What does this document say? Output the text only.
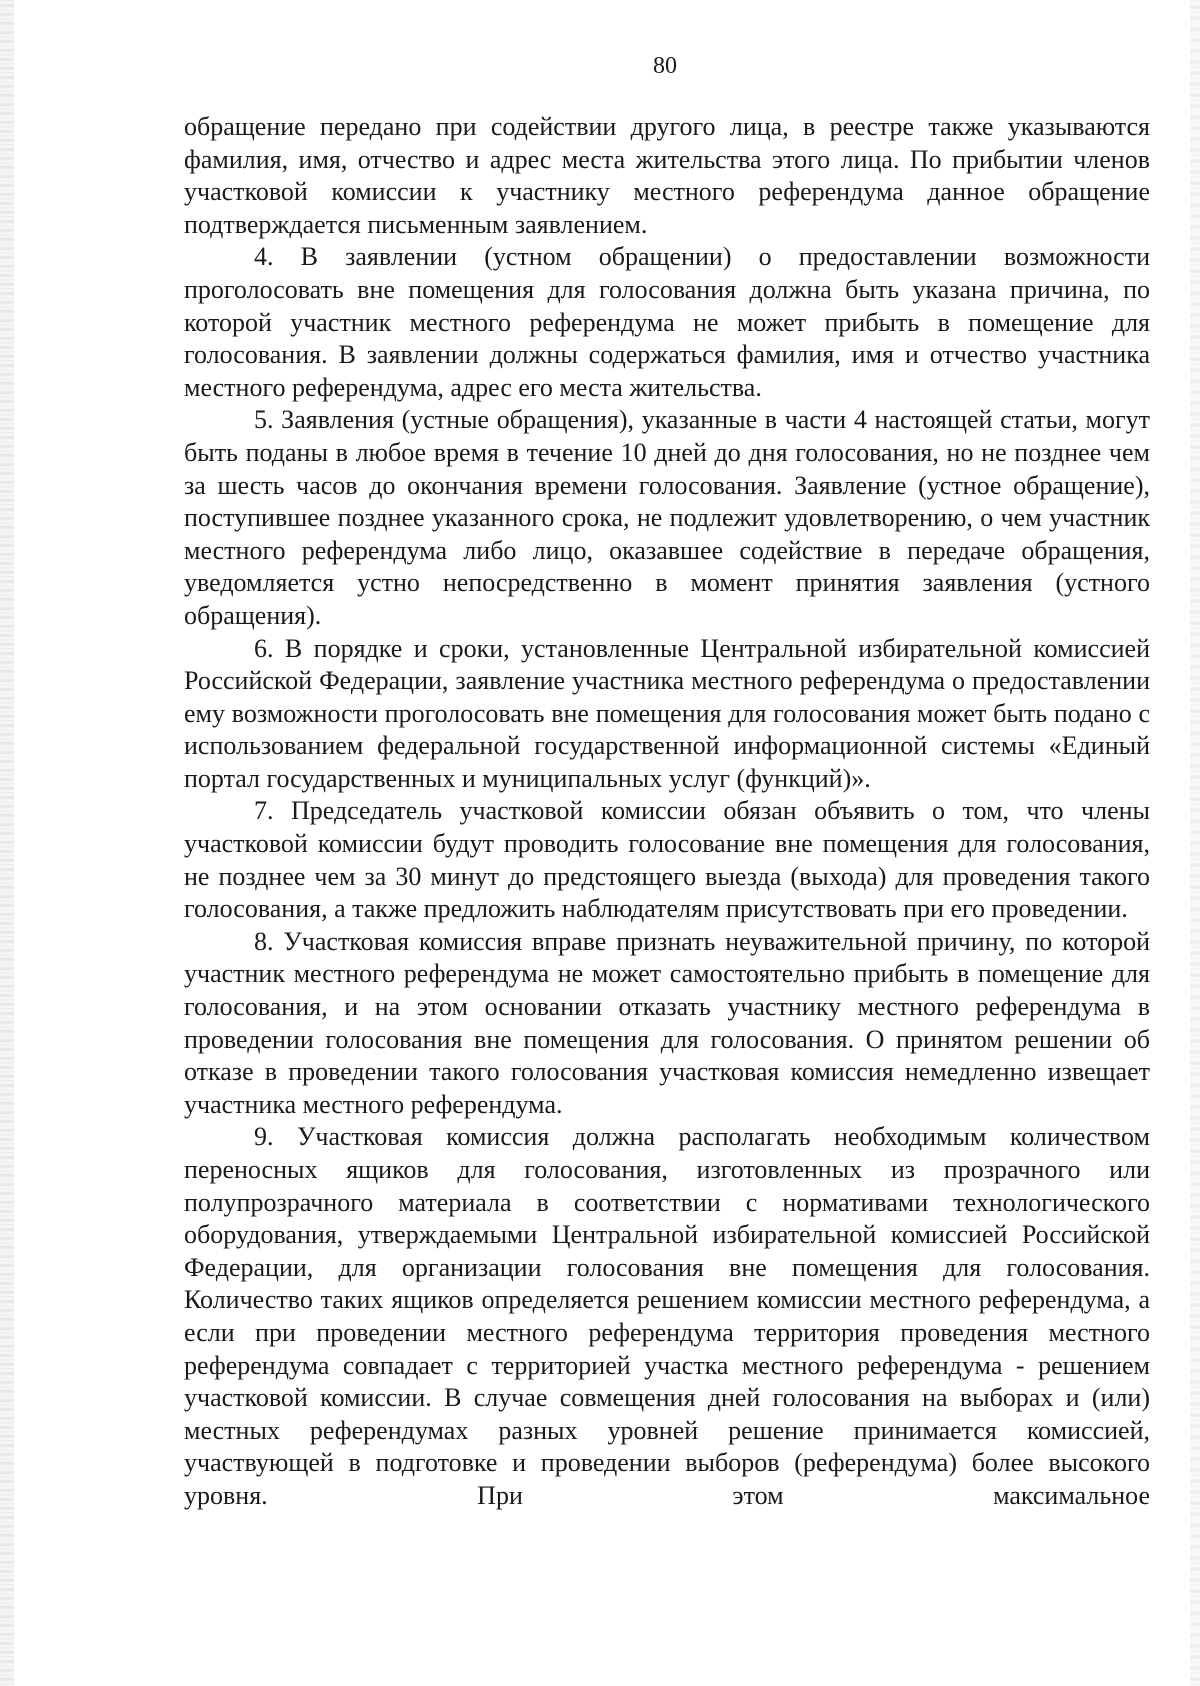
80

обращение передано при содействии другого лица, в реестре также указываются фамилия, имя, отчество и адрес места жительства этого лица. По прибытии членов участковой комиссии к участнику местного референдума данное обращение подтверждается письменным заявлением.

4. В заявлении (устном обращении) о предоставлении возможности проголосовать вне помещения для голосования должна быть указана причина, по которой участник местного референдума не может прибыть в помещение для голосования. В заявлении должны содержаться фамилия, имя и отчество участника местного референдума, адрес его места жительства.

5. Заявления (устные обращения), указанные в части 4 настоящей статьи, могут быть поданы в любое время в течение 10 дней до дня голосования, но не позднее чем за шесть часов до окончания времени голосования. Заявление (устное обращение), поступившее позднее указанного срока, не подлежит удовлетворению, о чем участник местного референдума либо лицо, оказавшее содействие в передаче обращения, уведомляется устно непосредственно в момент принятия заявления (устного обращения).

6. В порядке и сроки, установленные Центральной избирательной комиссией Российской Федерации, заявление участника местного референдума о предоставлении ему возможности проголосовать вне помещения для голосования может быть подано с использованием федеральной государственной информационной системы «Единый портал государственных и муниципальных услуг (функций)».

7. Председатель участковой комиссии обязан объявить о том, что члены участковой комиссии будут проводить голосование вне помещения для голосования, не позднее чем за 30 минут до предстоящего выезда (выхода) для проведения такого голосования, а также предложить наблюдателям присутствовать при его проведении.

8. Участковая комиссия вправе признать неуважительной причину, по которой участник местного референдума не может самостоятельно прибыть в помещение для голосования, и на этом основании отказать участнику местного референдума в проведении голосования вне помещения для голосования. О принятом решении об отказе в проведении такого голосования участковая комиссия немедленно извещает участника местного референдума.

9. Участковая комиссия должна располагать необходимым количеством переносных ящиков для голосования, изготовленных из прозрачного или полупрозрачного материала в соответствии с нормативами технологического оборудования, утверждаемыми Центральной избирательной комиссией Российской Федерации, для организации голосования вне помещения для голосования. Количество таких ящиков определяется решением комиссии местного референдума, а если при проведении местного референдума территория проведения местного референдума совпадает с территорией участка местного референдума - решением участковой комиссии. В случае совмещения дней голосования на выборах и (или) местных референдумах разных уровней решение принимается комиссией, участвующей в подготовке и проведении выборов (референдума) более высокого уровня. При этом максимальное
